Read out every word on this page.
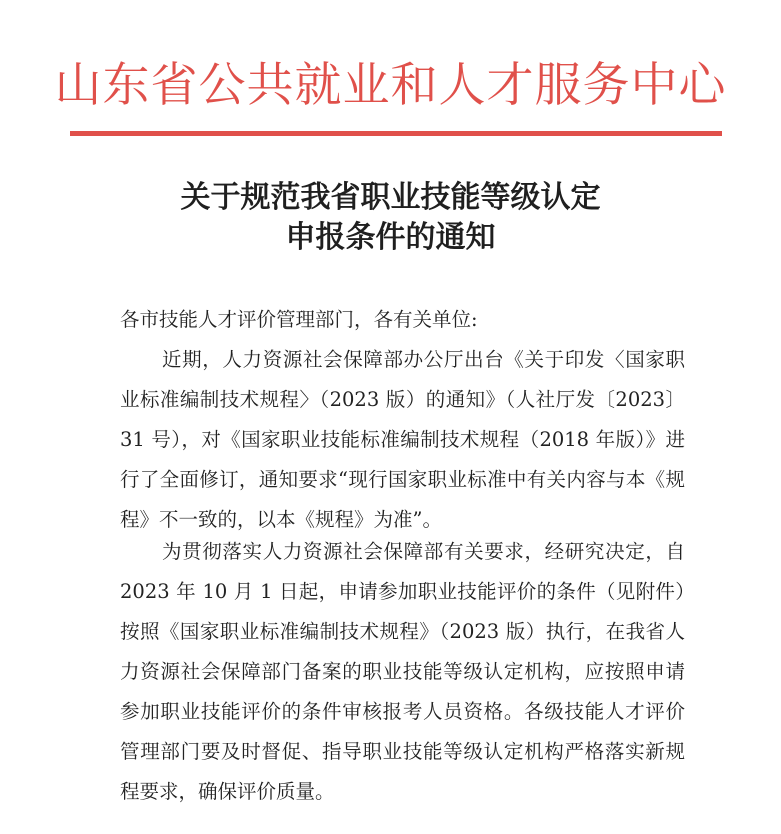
山东省公共就业和人才服务中心
关于规范我省职业技能等级认定
申报条件的通知
各市技能人才评价管理部门，各有关单位:
近期，人力资源社会保障部办公厅出台《关于印发〈国家职业标准编制技术规程〉（2023 版）的通知》（人社厅发〔2023〕31 号），对《国家职业技能标准编制技术规程（2018 年版）》进行了全面修订，通知要求“现行国家职业标准中有关内容与本《规程》不一致的，以本《规程》为准”。
为贯彻落实人力资源社会保障部有关要求，经研究决定，自 2023 年 10 月 1 日起，申请参加职业技能评价的条件（见附件）按照《国家职业标准编制技术规程》（2023 版）执行，在我省人力资源社会保障部门备案的职业技能等级认定机构，应按照申请参加职业技能评价的条件审核报考人员资格。各级技能人才评价管理部门要及时督促、指导职业技能等级认定机构严格落实新规程要求，确保评价质量。
